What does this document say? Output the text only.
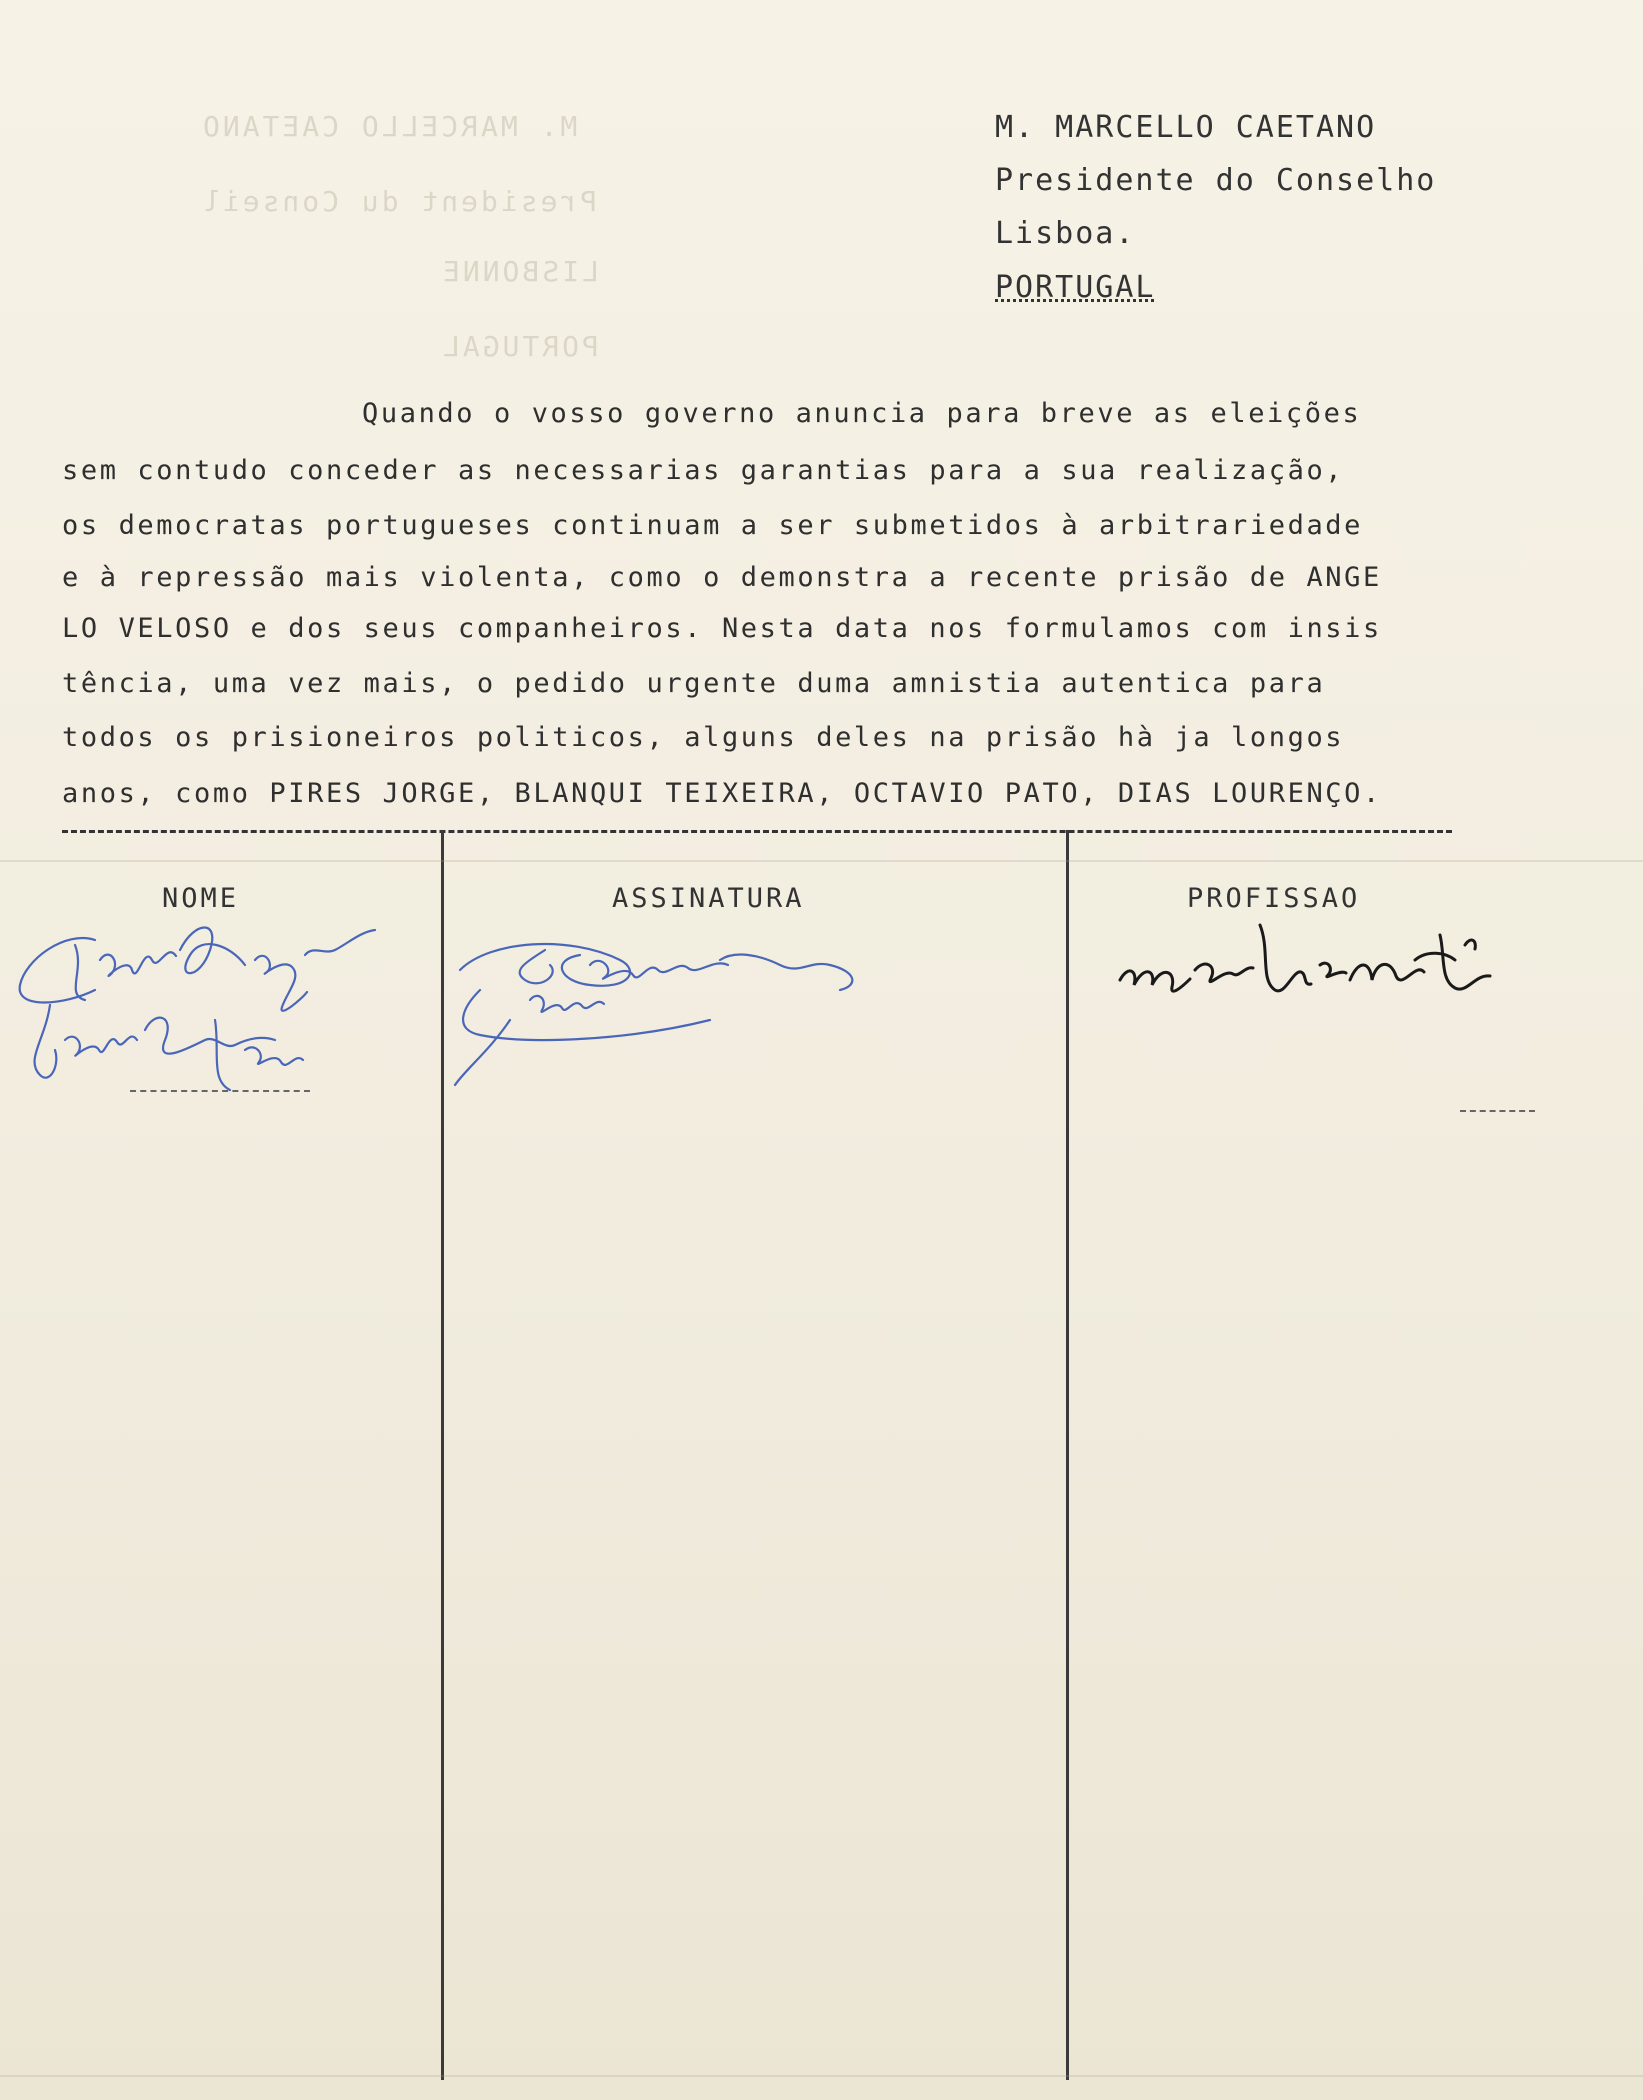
M. MARCELLO CAETANO
President du Conseil
LISBONNE
PORTUGAL
M. MARCELLO CAETANO
Presidente do Conselho
Lisboa.
PORTUGAL
Quando o vosso governo anuncia para breve as eleições
sem contudo conceder as necessarias garantias para a sua realização,
os democratas portugueses continuam a ser submetidos à arbitrariedade
e à repressão mais violenta, como o demonstra a recente prisão de ANGE
LO VELOSO e dos seus companheiros. Nesta data nos formulamos com insis
tência, uma vez mais, o pedido urgente duma amnistia autentica para
todos os prisioneiros politicos, alguns deles na prisão hà ja longos
anos, como PIRES JORGE, BLANQUI TEIXEIRA, OCTAVIO PATO, DIAS LOURENÇO.
NOME	ASSINATURA	PROFISSAO
